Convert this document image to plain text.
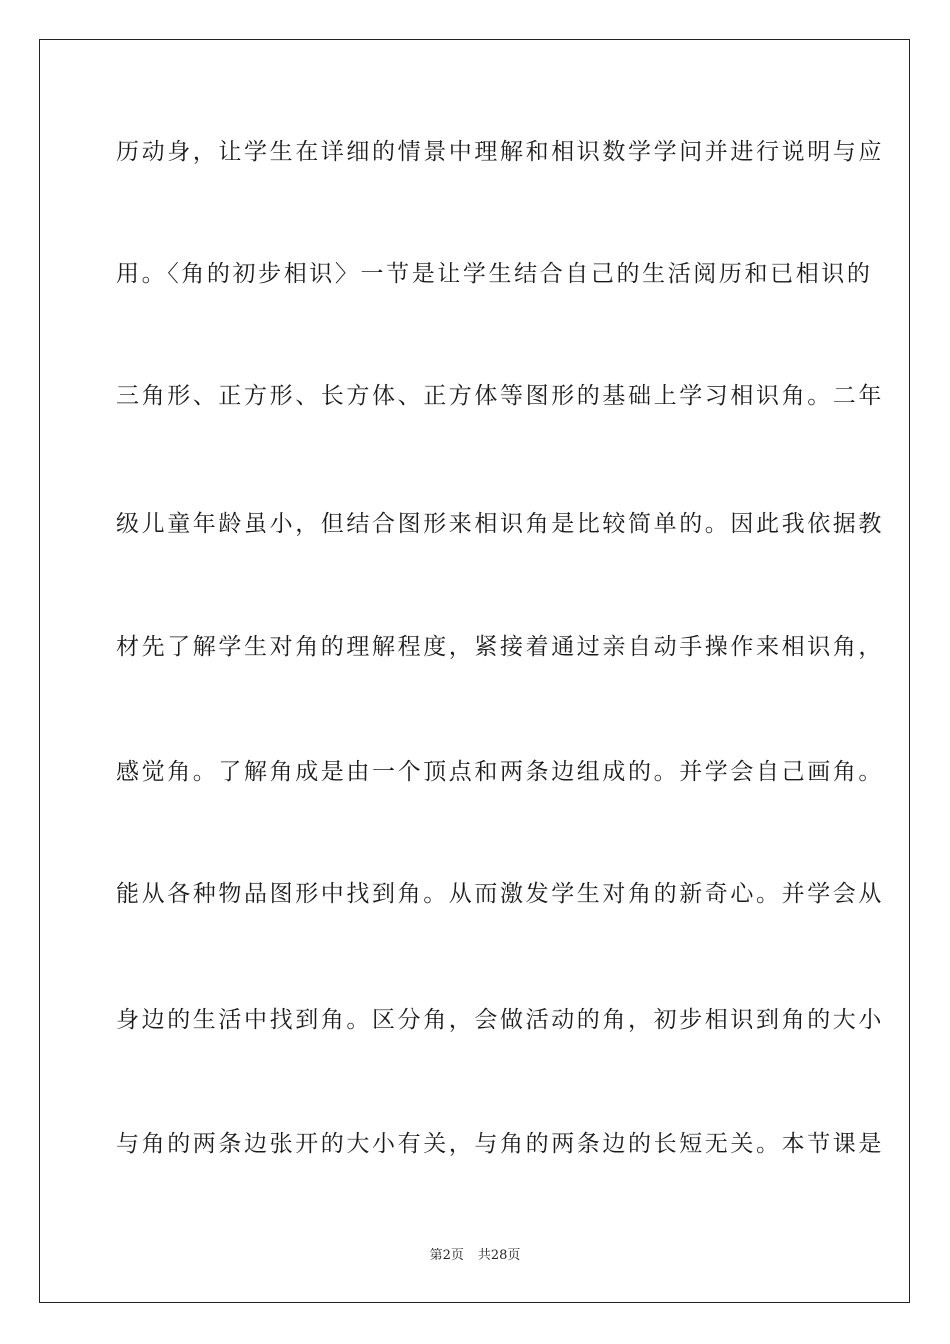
历动身，让学生在详细的情景中理解和相识数学学问并进行说明与应
用。〈角的初步相识〉一节是让学生结合自己的生活阅历和已相识的
三角形、正方形、长方体、正方体等图形的基础上学习相识角。二年
级儿童年龄虽小，但结合图形来相识角是比较简单的。因此我依据教
材先了解学生对角的理解程度，紧接着通过亲自动手操作来相识角，
感觉角。了解角成是由一个顶点和两条边组成的。并学会自己画角。
能从各种物品图形中找到角。从而激发学生对角的新奇心。并学会从
身边的生活中找到角。区分角，会做活动的角，初步相识到角的大小
与角的两条边张开的大小有关，与角的两条边的长短无关。本节课是
第2页 共28页
